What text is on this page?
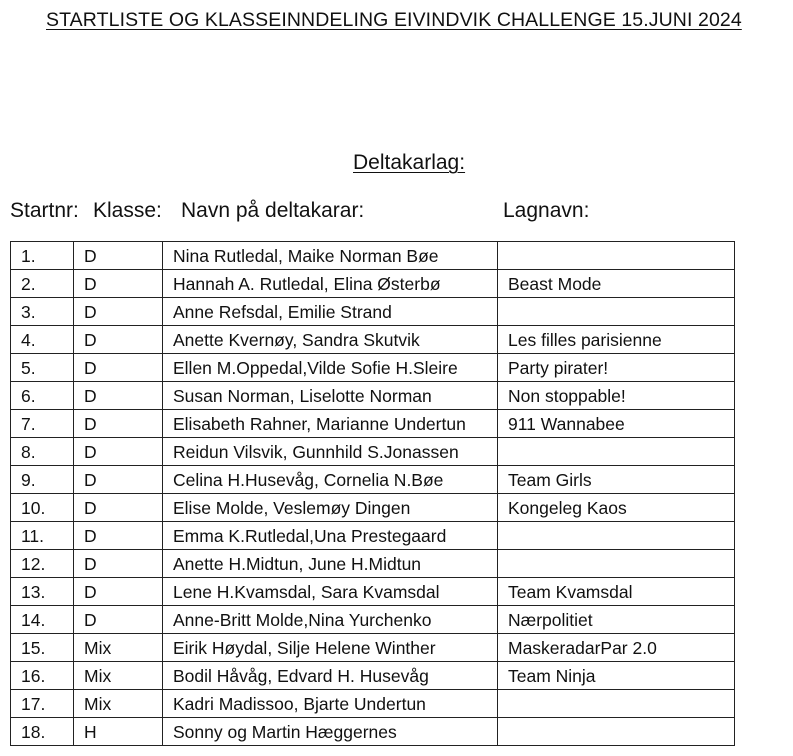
STARTLISTE OG KLASSEINNDELING EIVINDVIK CHALLENGE 15.JUNI 2024
Deltakarlag:
Startnr: Klasse: Navn på deltakarar:	Lagnavn:
1.	D	Nina Rutledal, Maike Norman Bøe	
2.	D	Hannah A. Rutledal, Elina Østerbø	Beast Mode
3.	D	Anne Refsdal, Emilie Strand	
4.	D	Anette Kvernøy, Sandra Skutvik	Les filles parisienne
5.	D	Ellen M.Oppedal,Vilde Sofie H.Sleire	Party pirater!
6.	D	Susan Norman, Liselotte Norman	Non stoppable!
7.	D	Elisabeth Rahner, Marianne Undertun	911 Wannabee
8.	D	Reidun Vilsvik, Gunnhild S.Jonassen	
9.	D	Celina H.Husevåg, Cornelia N.Bøe	Team Girls
10.	D	Elise Molde, Veslemøy Dingen	Kongeleg Kaos
11.	D	Emma K.Rutledal,Una Prestegaard	
12.	D	Anette H.Midtun, June H.Midtun	
13.	D	Lene H.Kvamsdal, Sara Kvamsdal	Team Kvamsdal
14.	D	Anne-Britt Molde,Nina Yurchenko	Nærpolitiet
15.	Mix	Eirik Høydal, Silje Helene Winther	MaskeradarPar 2.0
16.	Mix	Bodil Håvåg, Edvard H. Husevåg	Team Ninja
17.	Mix	Kadri Madissoo, Bjarte Undertun	
18.	H	Sonny og Martin Hæggernes	
